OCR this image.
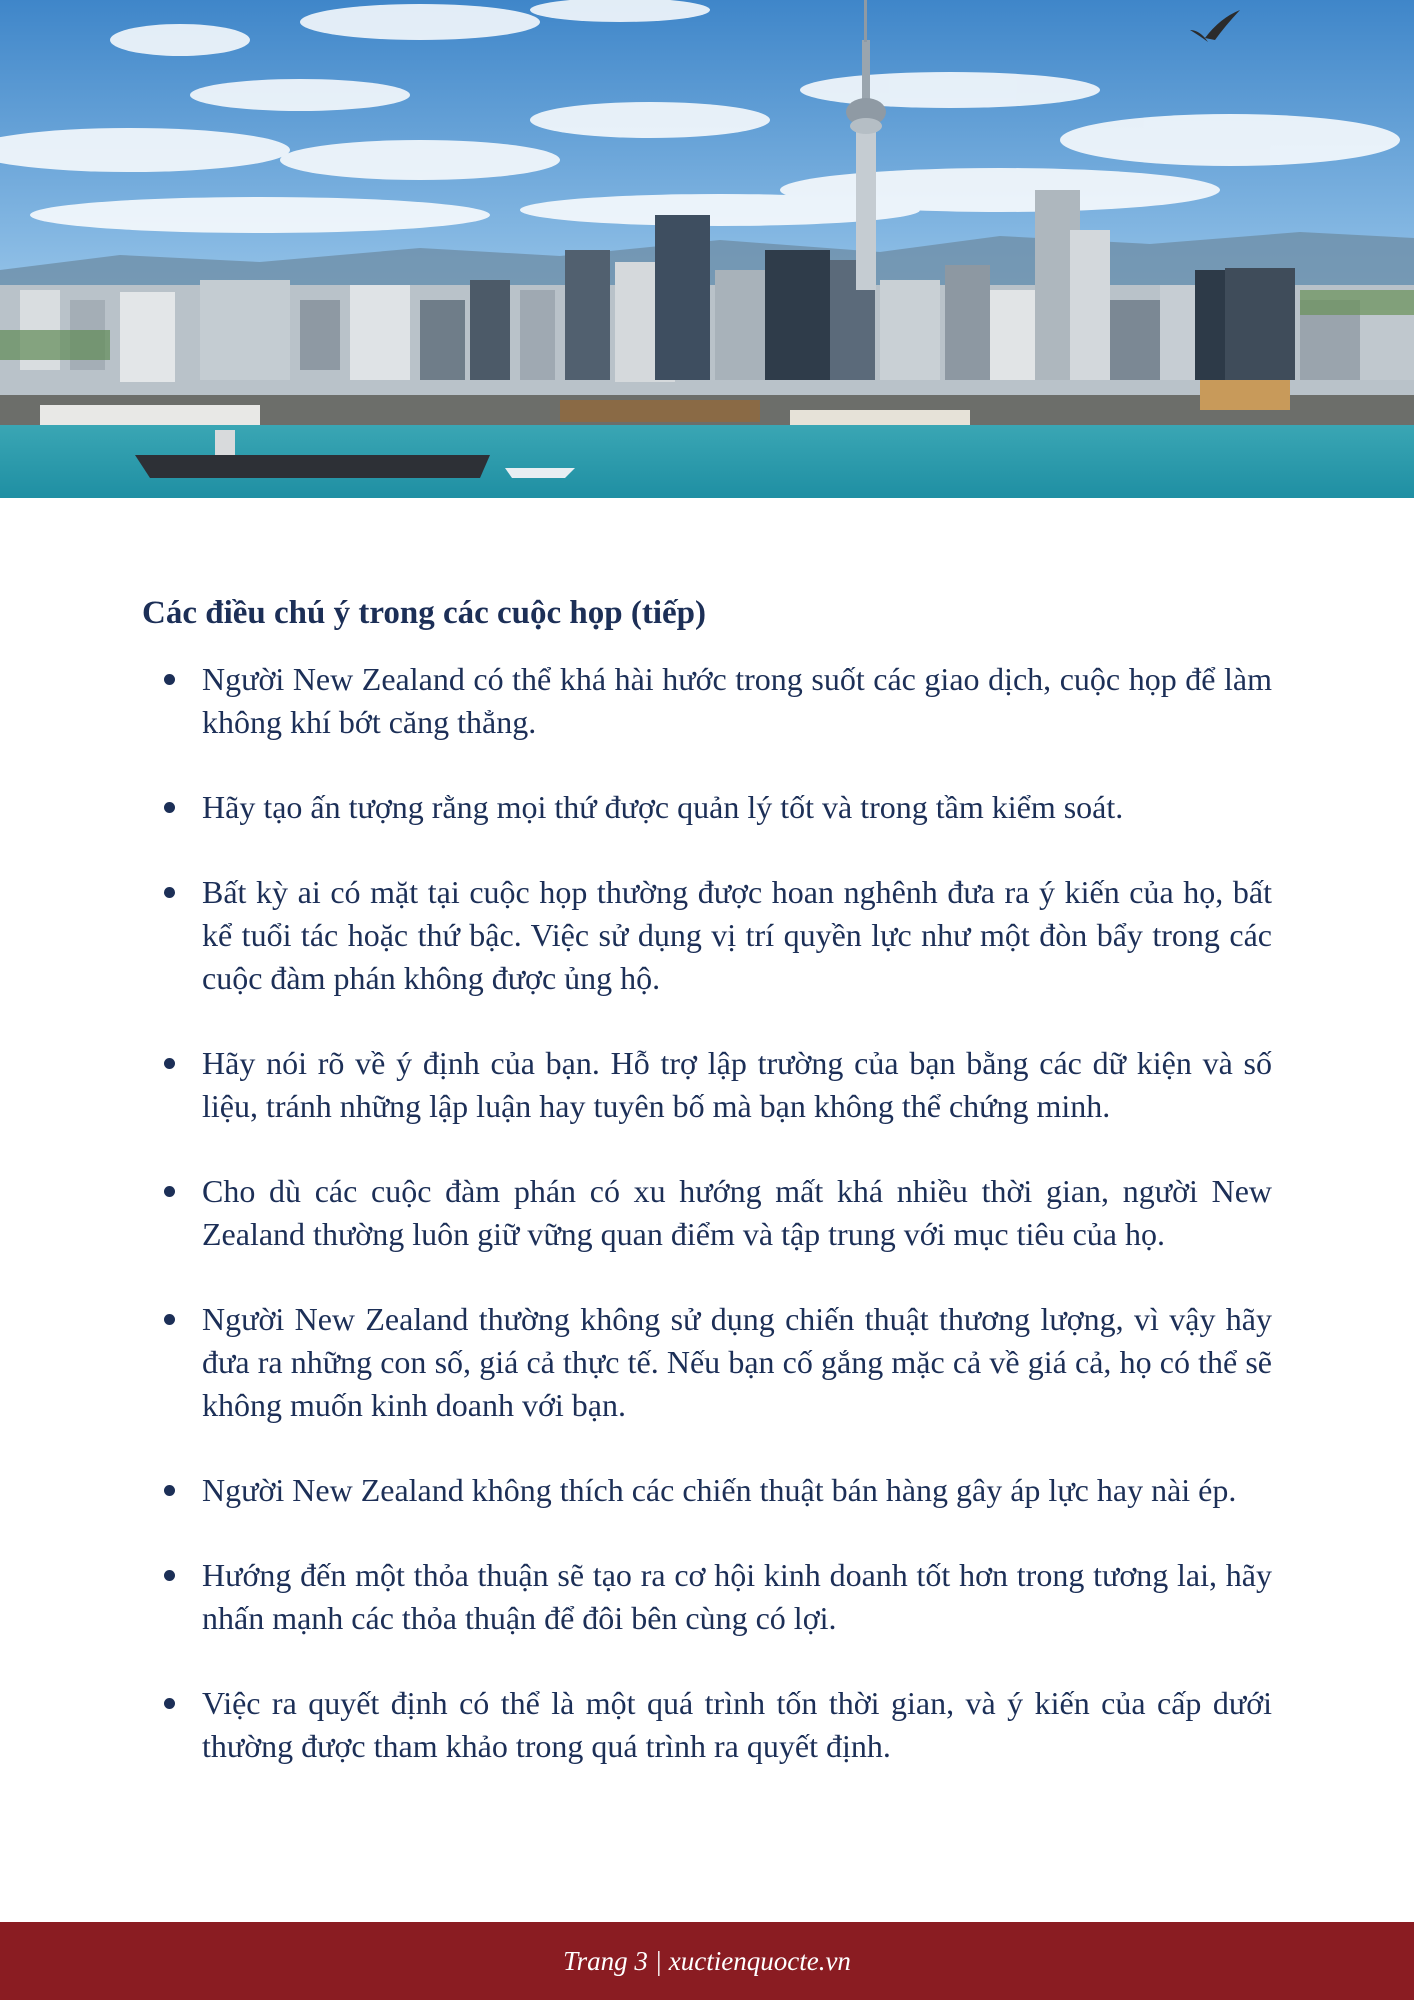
Các điều chú ý trong các cuộc họp (tiếp)
Người New Zealand có thể khá hài hước trong suốt các giao dịch, cuộc họp để làm không khí bớt căng thẳng.
Hãy tạo ấn tượng rằng mọi thứ được quản lý tốt và trong tầm kiểm soát.
Bất kỳ ai có mặt tại cuộc họp thường được hoan nghênh đưa ra ý kiến của họ, bất kể tuổi tác hoặc thứ bậc. Việc sử dụng vị trí quyền lực như một đòn bẩy trong các cuộc đàm phán không được ủng hộ.
Hãy nói rõ về ý định của bạn. Hỗ trợ lập trường của bạn bằng các dữ kiện và số liệu, tránh những lập luận hay tuyên bố mà bạn không thể chứng minh.
Cho dù các cuộc đàm phán có xu hướng mất khá nhiều thời gian, người New Zealand thường luôn giữ vững quan điểm và tập trung với mục tiêu của họ.
Người New Zealand thường không sử dụng chiến thuật thương lượng, vì vậy hãy đưa ra những con số, giá cả thực tế. Nếu bạn cố gắng mặc cả về giá cả, họ có thể sẽ không muốn kinh doanh với bạn.
Người New Zealand không thích các chiến thuật bán hàng gây áp lực hay nài ép.
Hướng đến một thỏa thuận sẽ tạo ra cơ hội kinh doanh tốt hơn trong tương lai, hãy nhấn mạnh các thỏa thuận để đôi bên cùng có lợi.
Việc ra quyết định có thể là một quá trình tốn thời gian, và ý kiến của cấp dưới thường được tham khảo trong quá trình ra quyết định.
Trang 3 | xuctienquocte.vn
